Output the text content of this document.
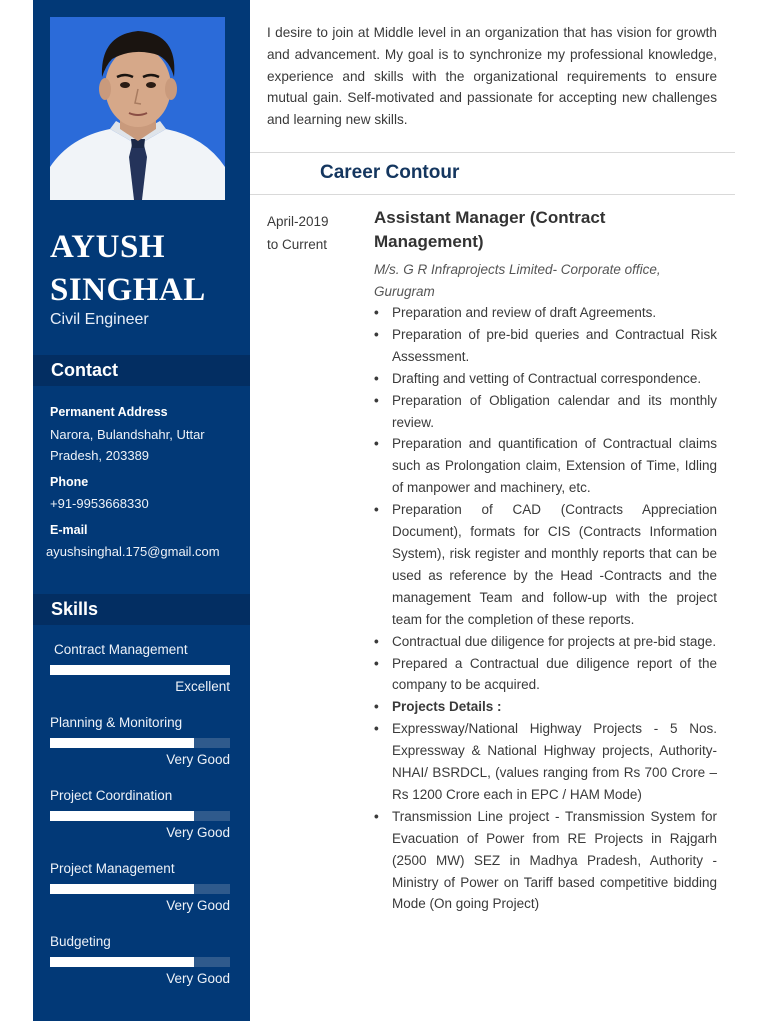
AYUSH
SINGHAL
Civil Engineer
Contact
Permanent Address
Narora, Bulandshahr, Uttar Pradesh, 203389
Phone
+91-9953668330
E-mail
ayushsinghal.175@gmail.com
Skills
Contract Management
Excellent
Planning & Monitoring
Very Good
Project Coordination
Very Good
Project Management
Very Good
Budgeting
Very Good
I desire to join at Middle level in an organization that has vision for growth and advancement. My goal is to synchronize my professional knowledge, experience and skills with the organizational requirements to ensure mutual gain. Self-motivated and passionate for accepting new challenges and learning new skills.
Career Contour
April-2019
to Current
Assistant Manager (Contract Management)
M/s. G R Infraprojects Limited- Corporate office, Gurugram
• Preparation and review of draft Agreements.
• Preparation of pre-bid queries and Contractual Risk Assessment.
• Drafting and vetting of Contractual correspondence.
• Preparation of Obligation calendar and its monthly review.
• Preparation and quantification of Contractual claims such as Prolongation claim, Extension of Time, Idling of manpower and machinery, etc.
• Preparation of CAD (Contracts Appreciation Document), formats for CIS (Contracts Information System), risk register and monthly reports that can be used as reference by the Head -Contracts and the management Team and follow-up with the project team for the completion of these reports.
• Contractual due diligence for projects at pre-bid stage.
• Prepared a Contractual due diligence report of the company to be acquired.
• Projects Details :
• Expressway/National Highway Projects - 5 Nos. Expressway & National Highway projects, Authority-NHAI/ BSRDCL, (values ranging from Rs 700 Crore – Rs 1200 Crore each in EPC / HAM Mode)
• Transmission Line project - Transmission System for Evacuation of Power from RE Projects in Rajgarh (2500 MW) SEZ in Madhya Pradesh, Authority - Ministry of Power on Tariff based competitive bidding Mode (On going Project)
